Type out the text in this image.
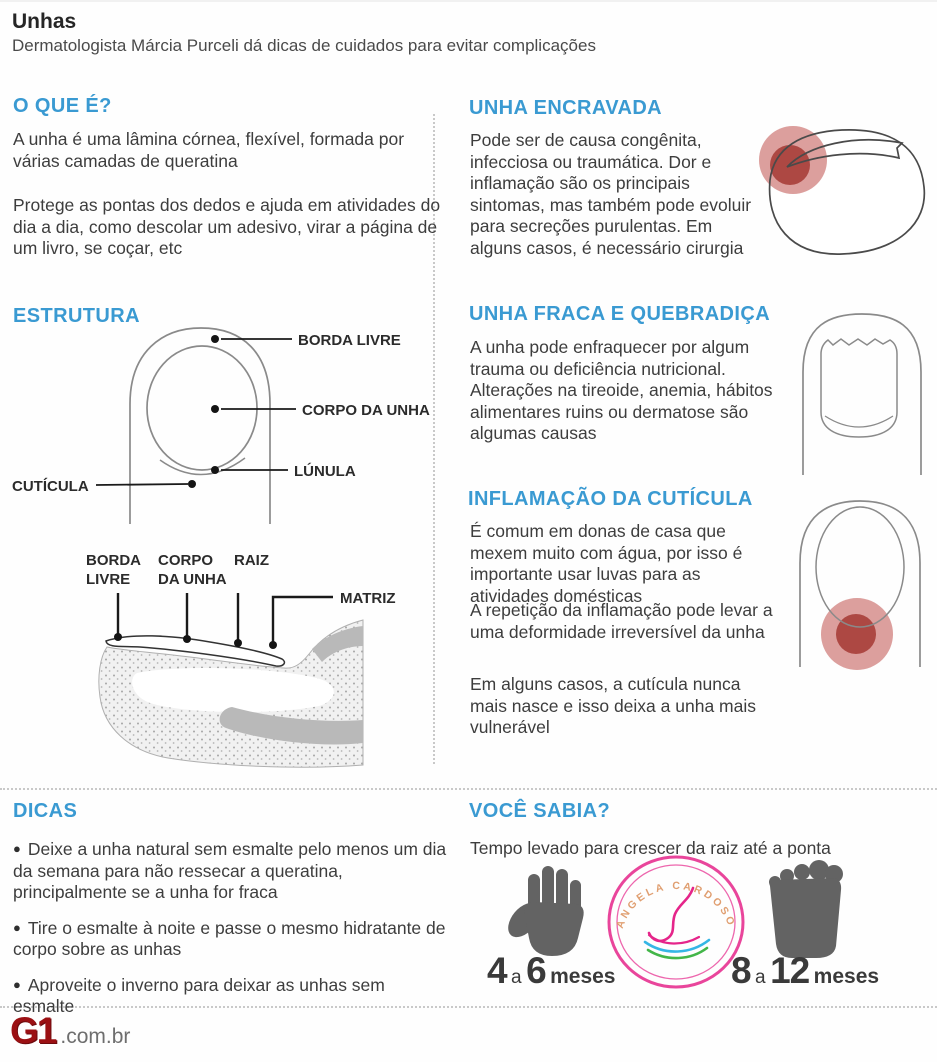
Unhas
Dermatologista Márcia Purceli dá dicas de cuidados para evitar complicações
O QUE É?
A unha é uma lâmina córnea, flexível, formada por várias camadas de queratina
Protege as pontas dos dedos e ajuda em atividades do dia a dia, como descolar um adesivo, virar a página de um livro, se coçar, etc
ESTRUTURA
BORDA LIVRE
CORPO DA UNHA
LÚNULA
CUTÍCULA
BORDA
LIVRE
CORPO
DA UNHA
RAIZ
MATRIZ
UNHA ENCRAVADA
Pode ser de causa congênita, infecciosa ou traumática. Dor e inflamação são os principais sintomas, mas também pode evoluir para secreções purulentas. Em alguns casos, é necessário cirurgia
UNHA FRACA E QUEBRADIÇA
A unha pode enfraquecer por algum trauma ou deficiência nutricional. Alterações na tireoide, anemia, hábitos alimentares ruins ou dermatose são algumas causas
INFLAMAÇÃO DA CUTÍCULA
É comum em donas de casa que mexem muito com água, por isso é importante usar luvas para as atividades domésticas
A repetição da inflamação pode levar a uma deformidade irreversível da unha
Em alguns casos, a cutícula nunca mais nasce e isso deixa a unha mais vulnerável
DICAS

● Deixe a unha natural sem esmalte pelo menos um dia da semana para não ressecar a queratina, principalmente se a unha for fraca

● Tire o esmalte à noite e passe o mesmo hidratante de corpo sobre as unhas

● Aproveite o inverno para deixar as unhas sem esmalte

VOCÊ SABIA?
Tempo levado para crescer da raiz até a ponta
ANGELA CARDOSO
4 a 6 meses	8 a 12 meses
G1 .com.br
